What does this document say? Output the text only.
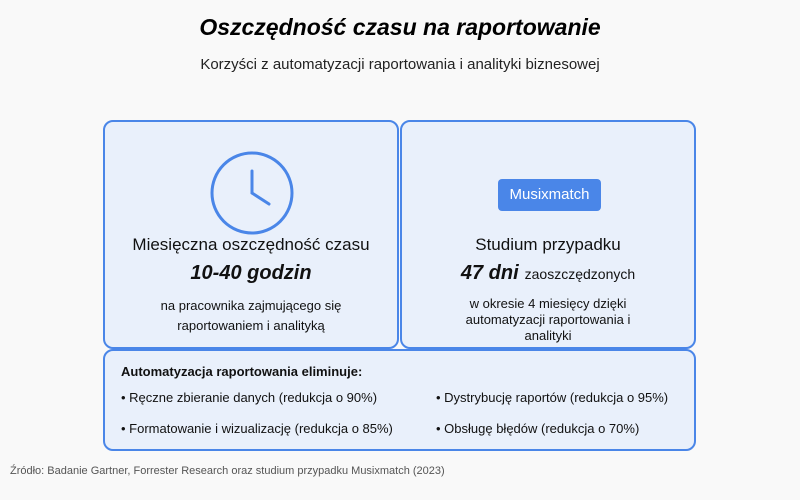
Oszczędność czasu na raportowanie
Korzyści z automatyzacji raportowania i analityki biznesowej
Miesięczna oszczędność czasu
10-40 godzin
na pracownika zajmującego się
raportowaniem i analityką
Musixmatch
Studium przypadku
47 dni zaoszczędzonych
w okresie 4 miesięcy dzięki
automatyzacji raportowania i
analityki
Automatyzacja raportowania eliminuje:
• Ręczne zbieranie danych (redukcja o 90%)	• Dystrybucję raportów (redukcja o 95%)
• Formatowanie i wizualizację (redukcja o 85%)	• Obsługę błędów (redukcja o 70%)
Źródło: Badanie Gartner, Forrester Research oraz studium przypadku Musixmatch (2023)
